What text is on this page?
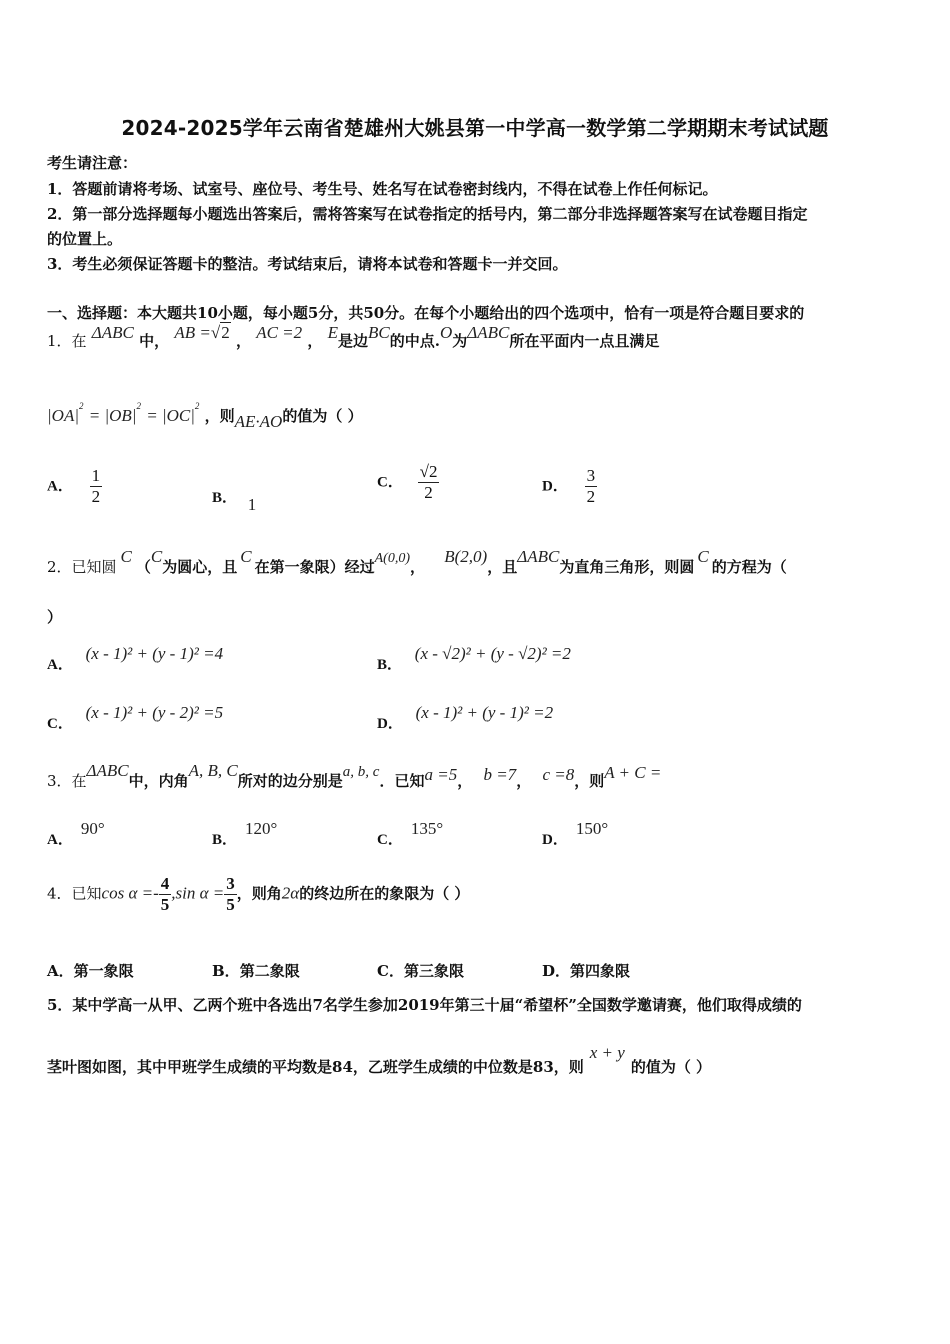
2024-2025学年云南省楚雄州大姚县第一中学高一数学第二学期期末考试试题
考生请注意：
1．答题前请将考场、试室号、座位号、考生号、姓名写在试卷密封线内，不得在试卷上作任何标记。
2．第一部分选择题每小题选出答案后，需将答案写在试卷指定的括号内，第二部分非选择题答案写在试卷题目指定
的位置上。
3．考生必须保证答题卡的整洁。考试结束后，请将本试卷和答题卡一并交回。
一、选择题：本大题共10小题，每小题5分，共50分。在每个小题给出的四个选项中，恰有一项是符合题目要求的
1．在 ΔABC 中， AB =√2 ， AC =2 ， E是边BC的中点.O为ΔABC所在平面内一点且满足
$|OA|^2 = |OB|^2 = |OC|^2$ ，则AE·AO的值为（ ）
A． $\frac{1}{2}$	B． 1
C． $\frac{√2}{2}$	D． $\frac{3}{2}$
2．已知圆C（C为圆心，且C在第一象限）经过A(0,0)， B(2,0)，且ΔABC为直角三角形，则圆C的方程为（
）
A． (x - 1)² + (y - 1)² =4
B． (x - √2)² + (y - √2)² =2
C． (x - 1)² + (y - 2)² =5
D． (x - 1)² + (y - 1)² =2
3．在ΔABC中，内角A, B, C所对的边分别是a, b, c．已知a =5， b =7， c =8，则A + C =
A．90°
B．120°
C．135°
D．150°
4．已知$\cos \alpha =- \frac{4}{5} ,\sin$ $\alpha = \frac{3}{5}$ ，则角2α的终边所在的象限为（ ）
A．第一象限	B．第二象限	C．第三象限	D．第四象限
5．某中学高一从甲、乙两个班中各选出7名学生参加2019年第三十届“希望杯”全国数学邀请赛，他们取得成绩的
茎叶图如图，其中甲班学生成绩的平均数是84，乙班学生成绩的中位数是83，则x + y的值为（ ）
